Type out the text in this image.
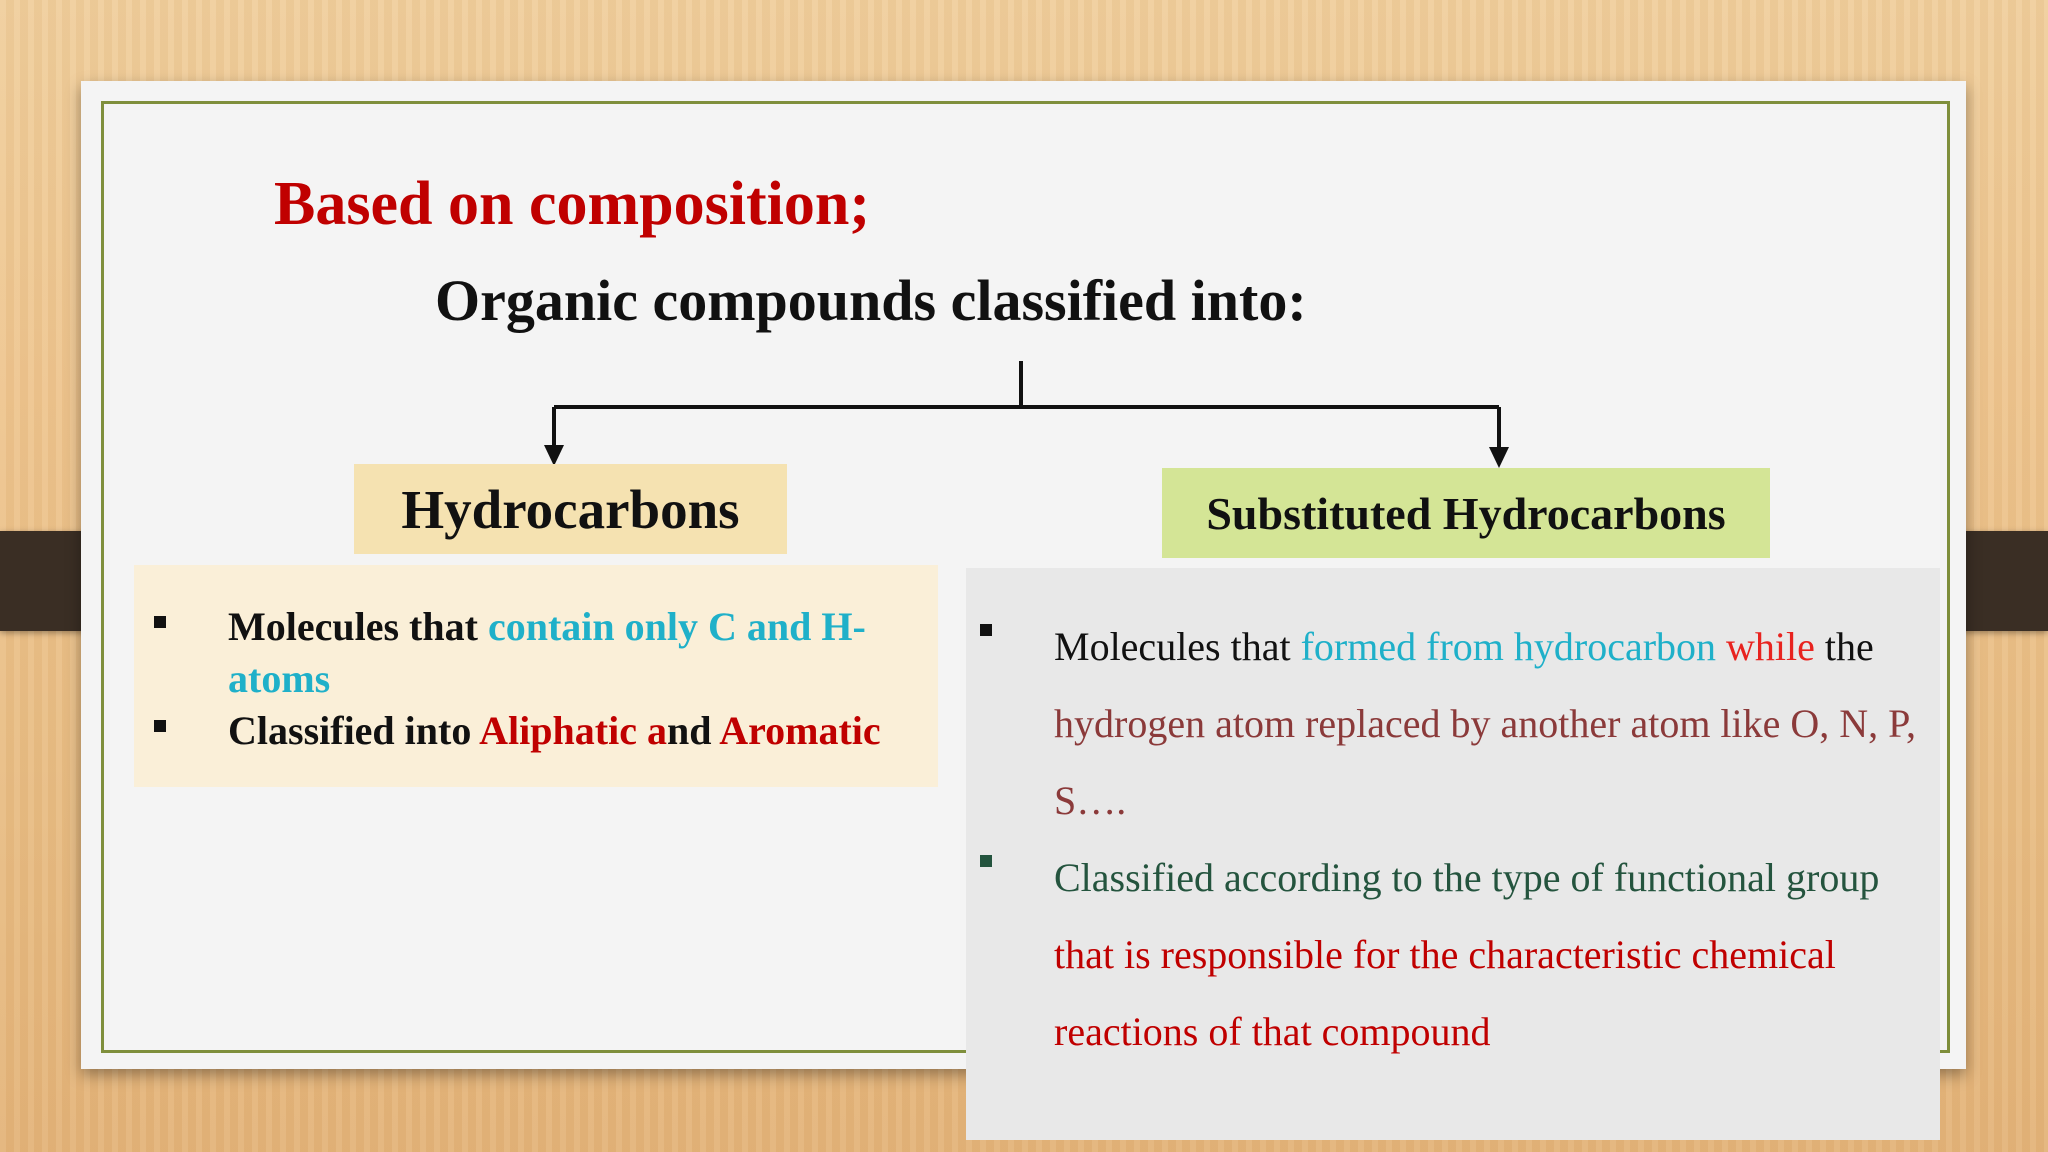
Based on composition;
Organic compounds classified into:
Hydrocarbons	Substituted Hydrocarbons
Molecules that contain only C and H-atoms
Classified into Aliphatic and Aromatic
Molecules that formed from hydrocarbon while the
hydrogen atom replaced by another atom like O, N, P, S….
Classified according to the type of functional group
that is responsible for the characteristic chemical reactions of that compound
